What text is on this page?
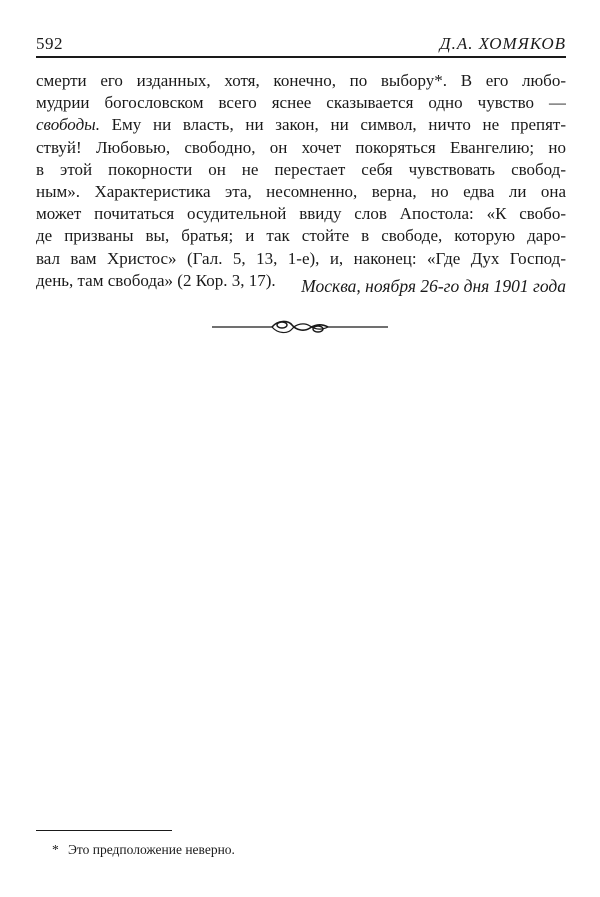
592	Д.А. ХОМЯКОВ
смерти его изданных, хотя, конечно, по выбору*. В его любо-
мудрии богословском всего яснее сказывается одно чувство —
свободы. Ему ни власть, ни закон, ни символ, ничто не препят-
ствуй! Любовью, свободно, он хочет покоряться Евангелию; но
в этой покорности он не перестает себя чувствовать свобод-
ным». Характеристика эта, несомненно, верна, но едва ли она
может почитаться осудительной ввиду слов Апостола: «К свобо-
де призваны вы, братья; и так стойте в свободе, которую даро-
вал вам Христос» (Гал. 5, 13, 1-е), и, наконец: «Где Дух Господ-
день, там свобода» (2 Кор. 3, 17).	Москва, ноября 26-го дня 1901 года
* Это предположение неверно.
